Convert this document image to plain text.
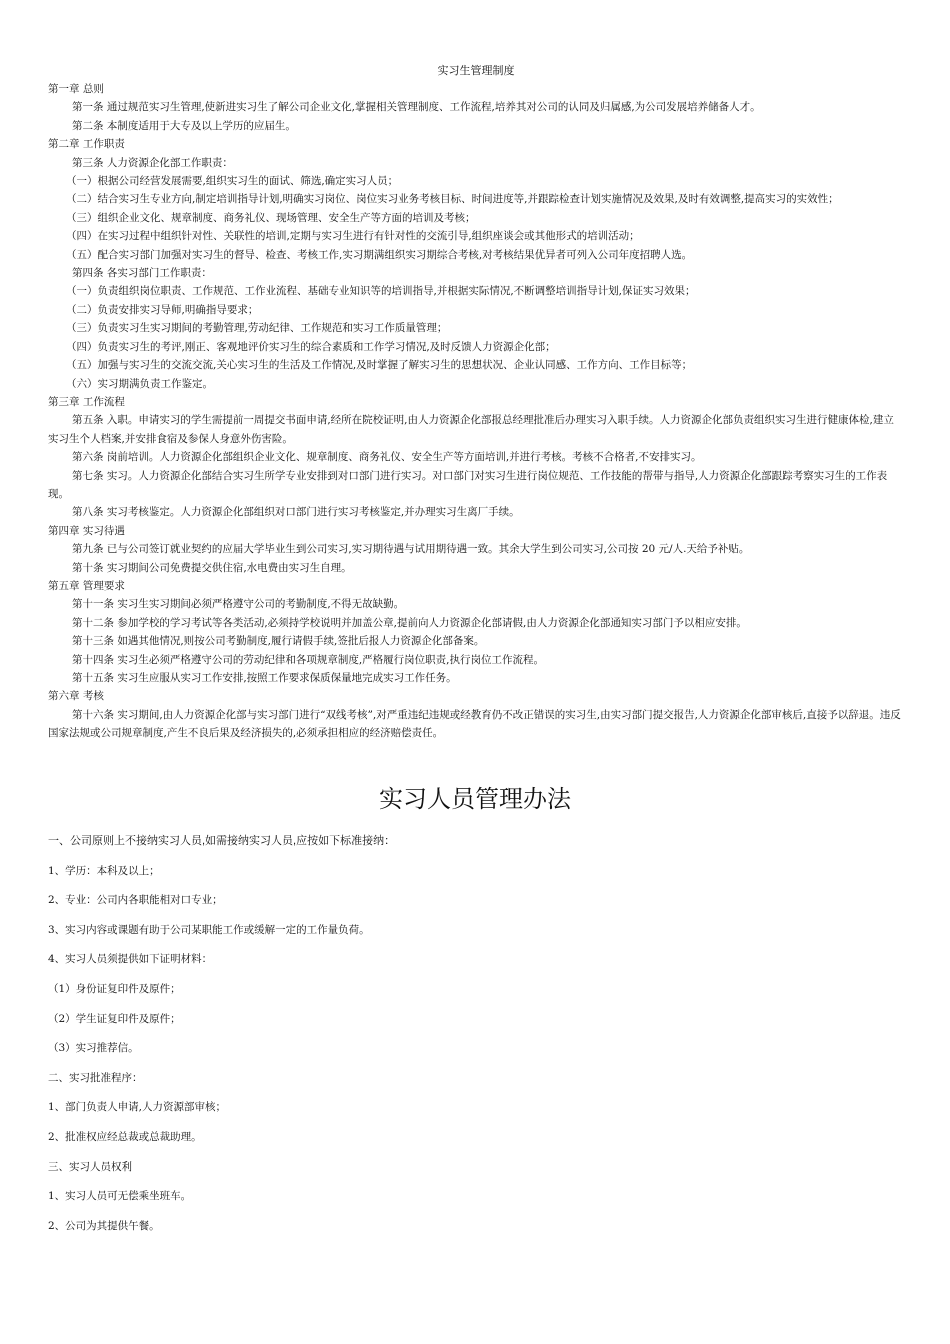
实习生管理制度

第一章 总则

第一条 通过规范实习生管理,使新进实习生了解公司企业文化,掌握相关管理制度、工作流程,培养其对公司的认同及归属感,为公司发展培养储备人才。

第二条 本制度适用于大专及以上学历的应届生。

第二章 工作职责

第三条 人力资源企化部工作职责：

（一）根据公司经营发展需要,组织实习生的面试、筛选,确定实习人员；

（二）结合实习生专业方向,制定培训指导计划,明确实习岗位、岗位实习业务考核目标、时间进度等,并跟踪检查计划实施情况及效果,及时有效调整,提高实习的实效性；

（三）组织企业文化、规章制度、商务礼仪、现场管理、安全生产等方面的培训及考核；

（四）在实习过程中组织针对性、关联性的培训,定期与实习生进行有针对性的交流引导,组织座谈会或其他形式的培训活动；

（五）配合实习部门加强对实习生的督导、检查、考核工作,实习期满组织实习期综合考核,对考核结果优异者可列入公司年度招聘人选。

第四条 各实习部门工作职责：

（一）负责组织岗位职责、工作规范、工作业流程、基础专业知识等的培训指导,并根据实际情况,不断调整培训指导计划,保证实习效果；

（二）负责安排实习导师,明确指导要求；

（三）负责实习生实习期间的考勤管理,劳动纪律、工作规范和实习工作质量管理；

（四）负责实习生的考评,刚正、客观地评价实习生的综合素质和工作学习情况,及时反馈人力资源企化部；

（五）加强与实习生的交流交流,关心实习生的生活及工作情况,及时掌握了解实习生的思想状况、企业认同感、工作方向、工作目标等；

（六）实习期满负责工作鉴定。

第三章 工作流程

第五条 入职。申请实习的学生需提前一周提交书面申请,经所在院校证明,由人力资源企化部报总经理批准后办理实习入职手续。人力资源企化部负责组织实习生进行健康体检,建立实习生个人档案,并安排食宿及参保人身意外伤害险。

第六条 岗前培训。人力资源企化部组织企业文化、规章制度、商务礼仪、安全生产等方面培训,并进行考核。考核不合格者,不安排实习。

第七条 实习。人力资源企化部结合实习生所学专业安排到对口部门进行实习。对口部门对实习生进行岗位规范、工作技能的帮带与指导,人力资源企化部跟踪考察实习生的工作表现。

第八条 实习考核鉴定。人力资源企化部组织对口部门进行实习考核鉴定,并办理实习生离厂手续。

第四章 实习待遇

第九条 已与公司签订就业契约的应届大学毕业生到公司实习,实习期待遇与试用期待遇一致。其余大学生到公司实习,公司按 20 元/人.天给予补贴。

第十条 实习期间公司免费提交供住宿,水电费由实习生自理。

第五章 管理要求

第十一条 实习生实习期间必须严格遵守公司的考勤制度,不得无故缺勤。

第十二条 参加学校的学习考试等各类活动,必须持学校说明并加盖公章,提前向人力资源企化部请假,由人力资源企化部通知实习部门予以相应安排。

第十三条 如遇其他情况,则按公司考勤制度,履行请假手续,签批后报人力资源企化部备案。

第十四条 实习生必须严格遵守公司的劳动纪律和各项规章制度,严格履行岗位职责,执行岗位工作流程。

第十五条 实习生应服从实习工作安排,按照工作要求保质保量地完成实习工作任务。

第六章 考核

第十六条 实习期间,由人力资源企化部与实习部门进行“双线考核”,对严重违纪违规或经教育仍不改正错误的实习生,由实习部门提交报告,人力资源企化部审核后,直接予以辞退。违反国家法规或公司规章制度,产生不良后果及经济损失的,必须承担相应的经济赔偿责任。

实习人员管理办法
一、公司原则上不接纳实习人员,如需接纳实习人员,应按如下标准接纳：
1、学历：本科及以上；
2、专业：公司内各职能相对口专业；
3、实习内容或课题有助于公司某职能工作或缓解一定的工作量负荷。
4、实习人员须提供如下证明材料：
（1）身份证复印件及原件；
（2）学生证复印件及原件；
（3）实习推荐信。
二、实习批准程序：
1、部门负责人申请,人力资源部审核；
2、批准权应经总裁或总裁助理。
三、实习人员权利
1、实习人员可无偿乘坐班车。
2、公司为其提供午餐。
